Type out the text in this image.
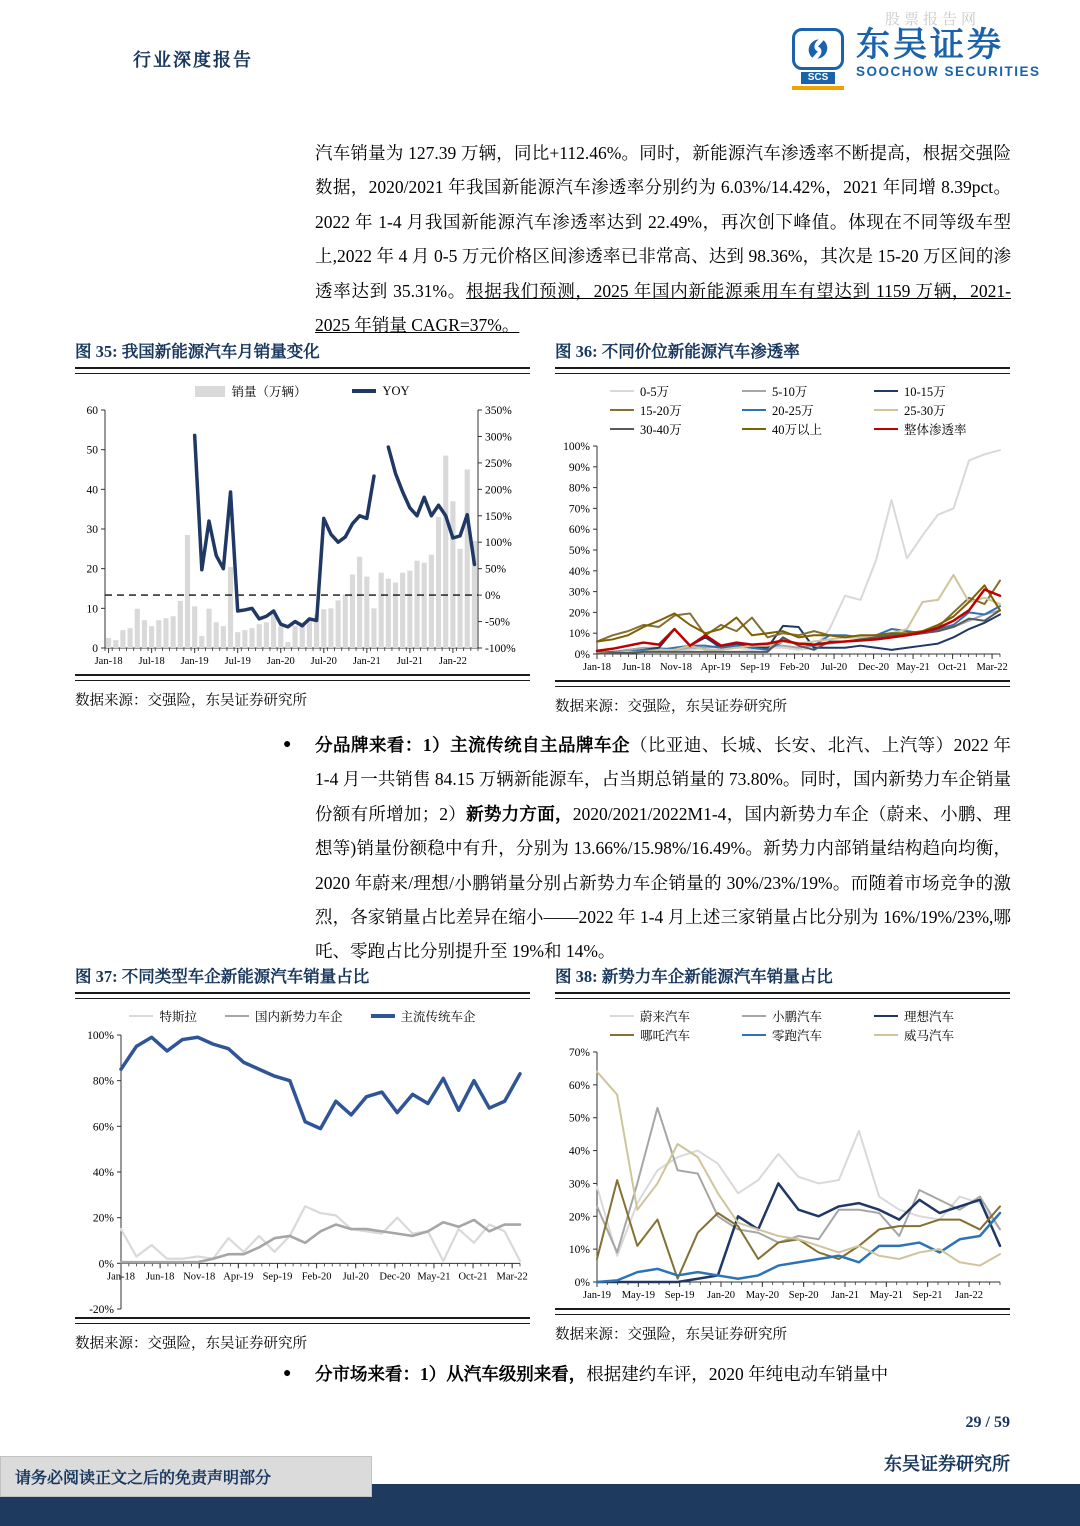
股票报告网
行业深度报告
SCS
东吴证券
SOOCHOW SECURITIES
汽车销量为 127.39 万辆，同比+112.46%。同时，新能源汽车渗透率不断提高，根据交强险数据，2020/2021 年我国新能源汽车渗透率分别约为 6.03%/14.42%，2021 年同增 8.39pct。2022 年 1-4 月我国新能源汽车渗透率达到 22.49%，再次创下峰值。体现在不同等级车型上,2022 年 4 月 0-5 万元价格区间渗透率已非常高、达到 98.36%，其次是 15-20 万区间的渗透率达到 35.31%。根据我们预测，2025 年国内新能源乘用车有望达到 1159 万辆，2021-2025 年销量 CAGR=37%。
● 分品牌来看：1）主流传统自主品牌车企（比亚迪、长城、长安、北汽、上汽等）2022 年 1-4 月一共销售 84.15 万辆新能源车，占当期总销量的 73.80%。同时，国内新势力车企销量份额有所增加；2）新势力方面，2020/2021/2022M1-4，国内新势力车企（蔚来、小鹏、理想等)销量份额稳中有升，分别为 13.66%/15.98%/16.49%。新势力内部销量结构趋向均衡，2020 年蔚来/理想/小鹏销量分别占新势力车企销量的 30%/23%/19%。而随着市场竞争的激烈，各家销量占比差异在缩小——2022 年 1-4 月上述三家销量占比分别为 16%/19%/23%,哪吒、零跑占比分别提升至 19%和 14%。
● 分市场来看：1）从汽车级别来看，根据建约车评，2020 年纯电动车销量中
图 35: 我国新能源汽车月销量变化
销量（万辆）	YOY
0
10
20
30
40
50
60
-100%
-50%
0%
50%
100%
150%
200%
250%
300%
350%
Jan-18 Jul-18 Jan-19 Jul-19 Jan-20 Jul-20 Jan-21 Jul-21 Jan-22
数据来源：交强险，东吴证券研究所
图 36: 不同价位新能源汽车渗透率
0-5万	5-10万	10-15万
15-20万	20-25万	25-30万
30-40万	40万以上	整体渗透率
0%
10%
20%
30%
40%
50%
60%
70%
80%
90%
100%
Jan-18 Jun-18 Nov-18 Apr-19 Sep-19 Feb-20 Jul-20 Dec-20 May-21 Oct-21 Mar-22
数据来源：交强险，东吴证券研究所
图 37: 不同类型车企新能源汽车销量占比
特斯拉	国内新势力车企	主流传统车企
-20%
0%
20%
40%
60%
80%
100%
Jan-18 Jun-18 Nov-18 Apr-19 Sep-19 Feb-20 Jul-20 Dec-20 May-21 Oct-21 Mar-22
数据来源：交强险，东吴证券研究所
图 38: 新势力车企新能源汽车销量占比
蔚来汽车	小鹏汽车	理想汽车
哪吒汽车	零跑汽车	威马汽车
0%
10%
20%
30%
40%
50%
60%
70%
Jan-19 May-19 Sep-19 Jan-20 May-20 Sep-20 Jan-21 May-21 Sep-21 Jan-22
数据来源：交强险，东吴证券研究所
29 / 59
东吴证券研究所
请务必阅读正文之后的免责声明部分
